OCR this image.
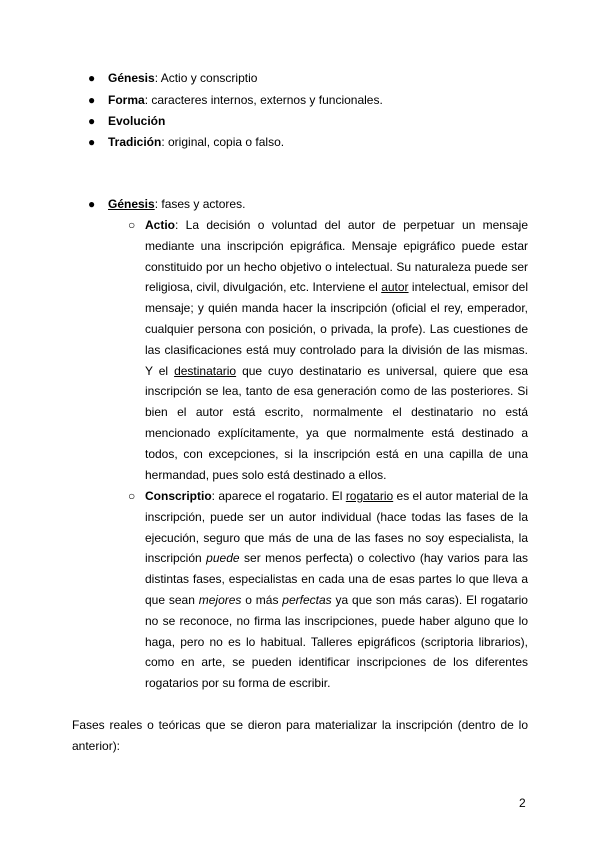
● Génesis: Actio y conscriptio
● Forma: caracteres internos, externos y funcionales.
● Evolución
● Tradición: original, copia o falso.
● Génesis: fases y actores.
○ Actio: La decisión o voluntad del autor de perpetuar un mensaje mediante una inscripción epigráfica. Mensaje epigráfico puede estar constituido por un hecho objetivo o intelectual. Su naturaleza puede ser religiosa, civil, divulgación, etc. Interviene el autor intelectual, emisor del mensaje; y quién manda hacer la inscripción (oficial el rey, emperador, cualquier persona con posición, o privada, la profe). Las cuestiones de las clasificaciones está muy controlado para la división de las mismas. Y el destinatario que cuyo destinatario es universal, quiere que esa inscripción se lea, tanto de esa generación como de las posteriores. Si bien el autor está escrito, normalmente el destinatario no está mencionado explícitamente, ya que normalmente está destinado a todos, con excepciones, si la inscripción está en una capilla de una hermandad, pues solo está destinado a ellos.
○ Conscriptio: aparece el rogatario. El rogatario es el autor material de la inscripción, puede ser un autor individual (hace todas las fases de la ejecución, seguro que más de una de las fases no soy especialista, la inscripción puede ser menos perfecta) o colectivo (hay varios para las distintas fases, especialistas en cada una de esas partes lo que lleva a que sean mejores o más perfectas ya que son más caras). El rogatario no se reconoce, no firma las inscripciones, puede haber alguno que lo haga, pero no es lo habitual. Talleres epigráficos (scriptoria librarios), como en arte, se pueden identificar inscripciones de los diferentes rogatarios por su forma de escribir.
Fases reales o teóricas que se dieron para materializar la inscripción (dentro de lo anterior):
2
